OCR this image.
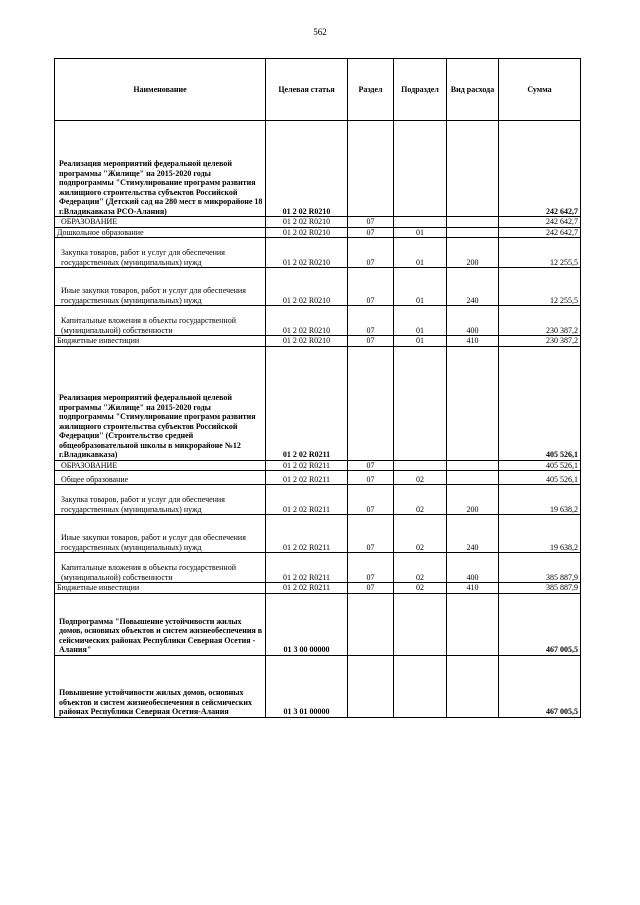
562
Наименование	Целевая статья	Раздел	Подраздел	Вид расхода	Сумма
Реализация мероприятий федеральной целевой программы "Жилище" на 2015-2020 годы подпрограммы "Стимулирование программ развития жилищного строительства субъектов Российской Федерации" (Детский сад на 280 мест в микрорайоне 18 г.Владикавказа РСО-Алания)	01 2 02 R0210				242 642,7
ОБРАЗОВАНИЕ	01 2 02 R0210	07			242 642,7
Дошкольное образование	01 2 02 R0210	07	01		242 642,7
Закупка товаров, работ и услуг для обеспечения государственных (муниципальных) нужд	01 2 02 R0210	07	01	200	12 255,5
Иные закупки товаров, работ и услуг для обеспечения государственных (муниципальных) нужд	01 2 02 R0210	07	01	240	12 255,5
Капитальные вложения в объекты государственной (муниципальной) собственности	01 2 02 R0210	07	01	400	230 387,2
Бюджетные инвестиции	01 2 02 R0210	07	01	410	230 387,2
Реализация мероприятий федеральной целевой программы "Жилище" на 2015-2020 годы подпрограммы "Стимулирование программ развития жилищного строительства субъектов Российской Федерации" (Строительство средней общеобразовательной школы в микрорайоне №12 г.Владикавказа)	01 2 02 R0211				405 526,1
ОБРАЗОВАНИЕ	01 2 02 R0211	07			405 526,1
Общее образование	01 2 02 R0211	07	02		405 526,1
Закупка товаров, работ и услуг для обеспечения государственных (муниципальных) нужд	01 2 02 R0211	07	02	200	19 638,2
Иные закупки товаров, работ и услуг для обеспечения государственных (муниципальных) нужд	01 2 02 R0211	07	02	240	19 638,2
Капитальные вложения в объекты государственной (муниципальной) собственности	01 2 02 R0211	07	02	400	385 887,9
Бюджетные инвестиции	01 2 02 R0211	07	02	410	385 887,9
Подпрограмма "Повышение устойчивости жилых домов, основных объектов и систем жизнеобеспечения в сейсмических районах Республики Северная Осетия - Алания"	01 3 00 00000				467 005,5
Повышение устойчивости жилых домов, основных объектов и систем жизнеобеспечения в сейсмических районах Республики Северная Осетия-Алания	01 3 01 00000				467 005,5
